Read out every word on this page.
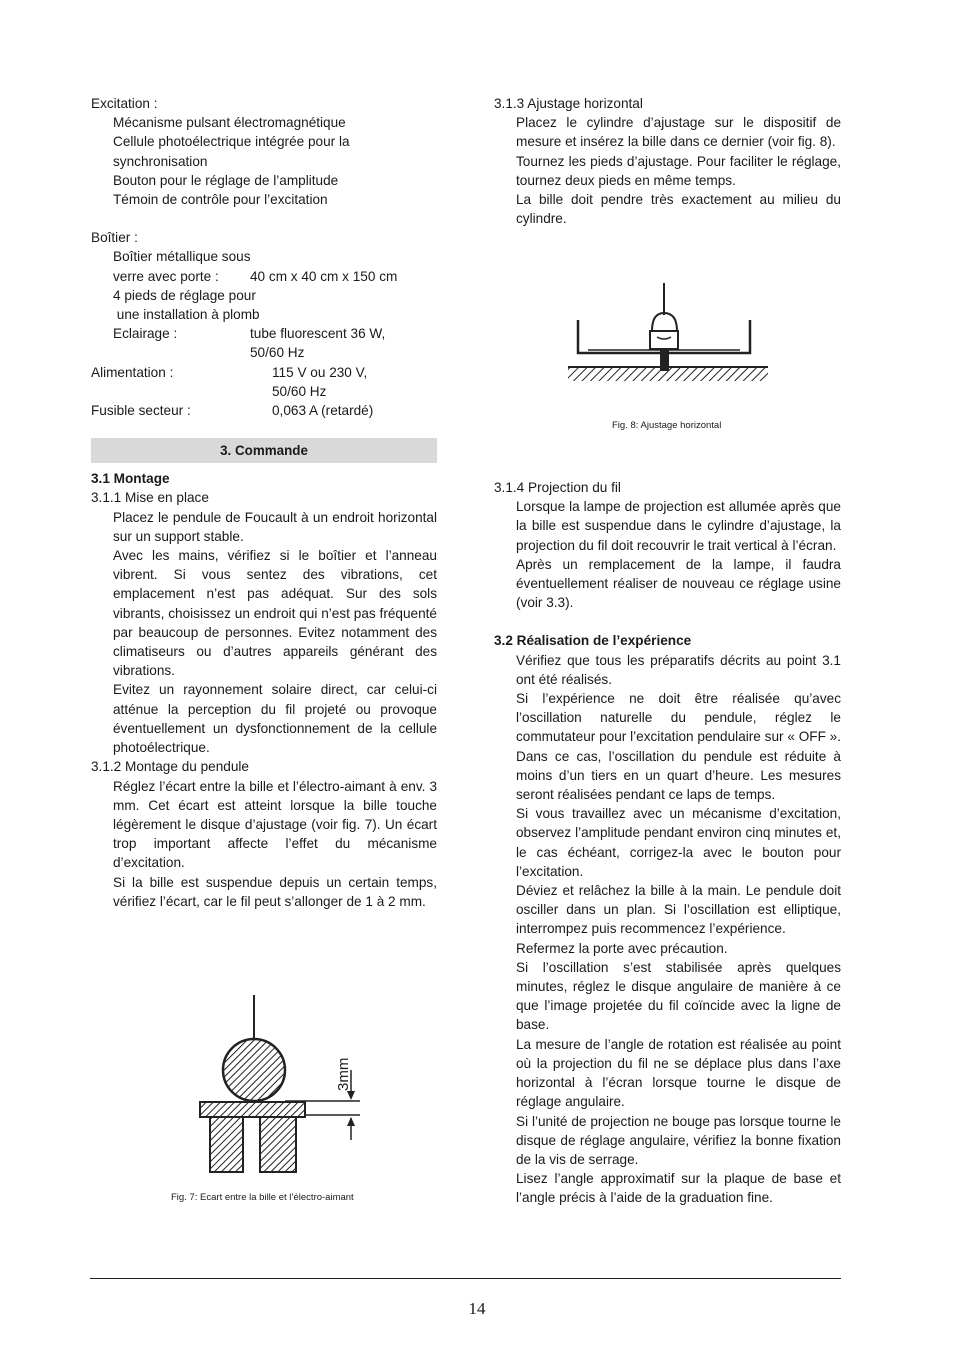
Excitation :
Mécanisme pulsant électromagnétique
Cellule photoélectrique intégrée pour la
synchronisation
Bouton pour le réglage de l’amplitude
Témoin de contrôle pour l’excitation
Boîtier :
Boîtier métallique sous
verre avec porte :	40 cm x 40 cm x 150 cm
4 pieds de réglage pour
une installation à plomb
Eclairage :	tube fluorescent 36 W,
50/60 Hz
Alimentation :	115 V ou 230 V,
50/60 Hz
Fusible secteur :	0,063 A (retardé)
3. Commande
3.1 Montage
3.1.1 Mise en place
Placez le pendule de Foucault à un endroit horizontal sur un support stable.
Avec les mains, vérifiez si le boîtier et l’anneau vibrent. Si vous sentez des vibrations, cet emplacement n’est pas adéquat. Sur des sols vibrants, choisissez un endroit qui n’est pas fréquenté par beaucoup de personnes. Evitez notamment des climatiseurs ou d’autres appareils générant des vibrations.
Evitez un rayonnement solaire direct, car celui-ci atténue la perception du fil projeté ou provoque éventuellement un dysfonctionnement de la cellule photoélectrique.
3.1.2 Montage du pendule
Réglez l’écart entre la bille et l’électro-aimant à env. 3 mm. Cet écart est atteint lorsque la bille touche légèrement le disque d’ajustage (voir fig. 7). Un écart trop important affecte l’effet du mécanisme d’excitation.
Si la bille est suspendue depuis un certain temps, vérifiez l’écart, car le fil peut s’allonger de 1 à 2 mm.
3mm
Fig. 7: Ecart entre la bille et l’électro-aimant
3.1.3 Ajustage horizontal
Placez le cylindre d’ajustage sur le dispositif de mesure et insérez la bille dans ce dernier (voir fig. 8).
Tournez les pieds d’ajustage. Pour faciliter le réglage, tournez deux pieds en même temps.
La bille doit pendre très exactement au milieu du cylindre.
Fig. 8: Ajustage horizontal
3.1.4 Projection du fil
Lorsque la lampe de projection est allumée après que la bille est suspendue dans le cylindre d’ajustage, la projection du fil doit recouvrir le trait vertical à l’écran.
Après un remplacement de la lampe, il faudra éventuellement réaliser de nouveau ce réglage usine (voir 3.3).
3.2 Réalisation de l’expérience
Vérifiez que tous les préparatifs décrits au point 3.1 ont été réalisés.
Si l’expérience ne doit être réalisée qu’avec l’oscillation naturelle du pendule, réglez le commutateur pour l’excitation pendulaire sur « OFF ». Dans ce cas, l’oscillation du pendule est réduite à moins d’un tiers en un quart d’heure. Les mesures seront réalisées pendant ce laps de temps.
Si vous travaillez avec un mécanisme d’excitation, observez l’amplitude pendant environ cinq minutes et, le cas échéant, corrigez-la avec le bouton pour l’excitation.
Déviez et relâchez la bille à la main. Le pendule doit osciller dans un plan. Si l’oscillation est elliptique, interrompez puis recommencez l’expérience.
Refermez la porte avec précaution.
Si l’oscillation s’est stabilisée après quelques minutes, réglez le disque angulaire de manière à ce que l’image projetée du fil coïncide avec la ligne de base.
La mesure de l’angle de rotation est réalisée au point où la projection du fil ne se déplace plus dans l’axe horizontal à l’écran lorsque tourne le disque de réglage angulaire.
Si l’unité de projection ne bouge pas lorsque tourne le disque de réglage angulaire, vérifiez la bonne fixation de la vis de serrage.
Lisez l’angle approximatif sur la plaque de base et l’angle précis à l’aide de la graduation fine.
14
